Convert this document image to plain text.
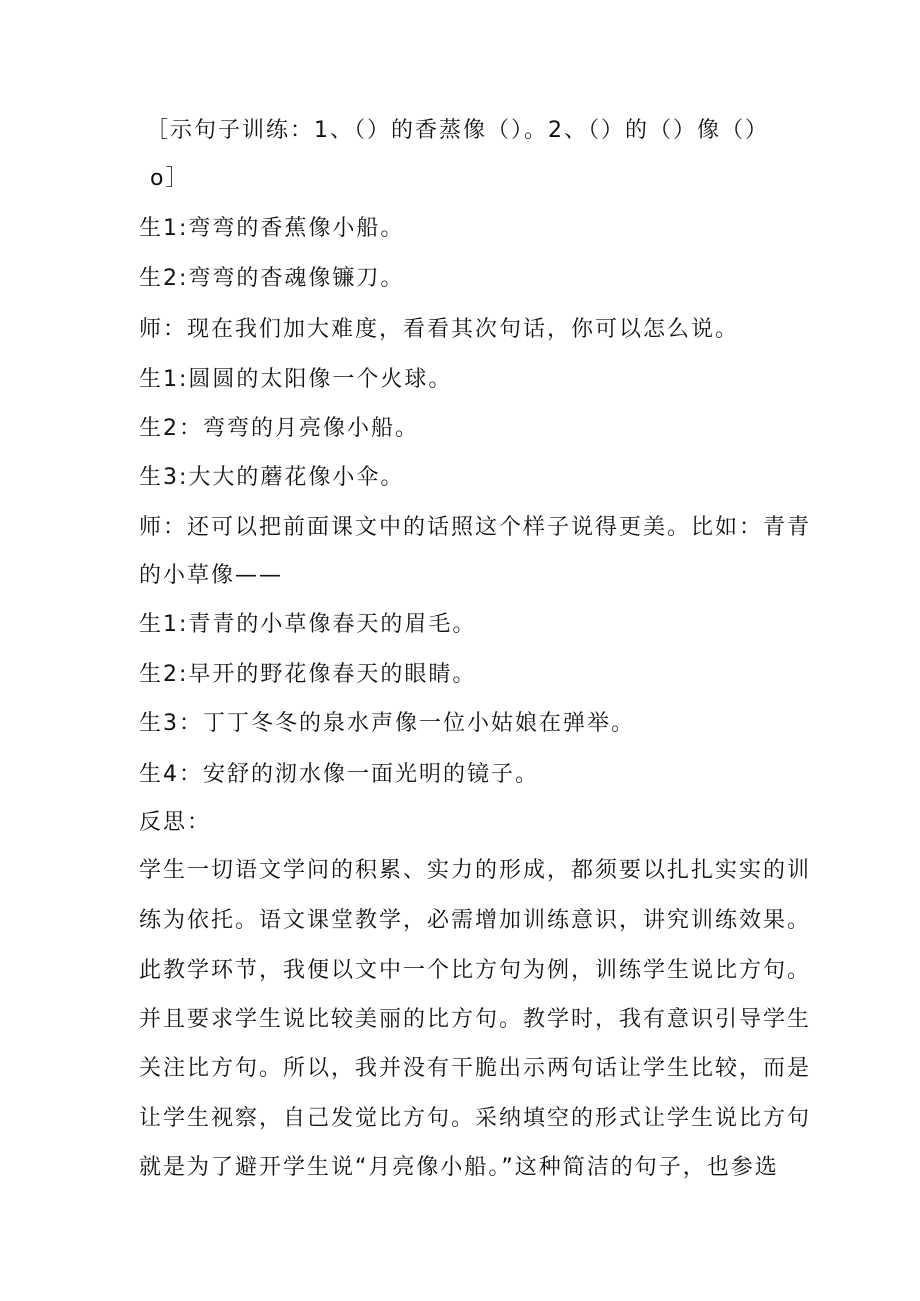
［示句子训练：1、（）的香蒸像（）。2、（）的（）像（）
o］
生1:弯弯的香蕉像小船。
生2:弯弯的杳魂像镰刀。
师：现在我们加大难度，看看其次句话，你可以怎么说。
生1:圆圆的太阳像一个火球。
生2：弯弯的月亮像小船。
生3:大大的蘑花像小伞。
师：还可以把前面课文中的话照这个样子说得更美。比如：青青
的小草像——
生1:青青的小草像春天的眉毛。
生2:早开的野花像春天的眼睛。
生3：丁丁冬冬的泉水声像一位小姑娘在弹举。
生4：安舒的沏水像一面光明的镜子。
反思：
学生一切语文学问的积累、实力的形成，都须要以扎扎实实的训
练为依托。语文课堂教学，必需增加训练意识，讲究训练效果。
此教学环节，我便以文中一个比方句为例，训练学生说比方句。
并且要求学生说比较美丽的比方句。教学时，我有意识引导学生
关注比方句。所以，我并没有干脆出示两句话让学生比较，而是
让学生视察，自己发觉比方句。采纳填空的形式让学生说比方句
就是为了避开学生说“月亮像小船。”这种简洁的句子，也参选
